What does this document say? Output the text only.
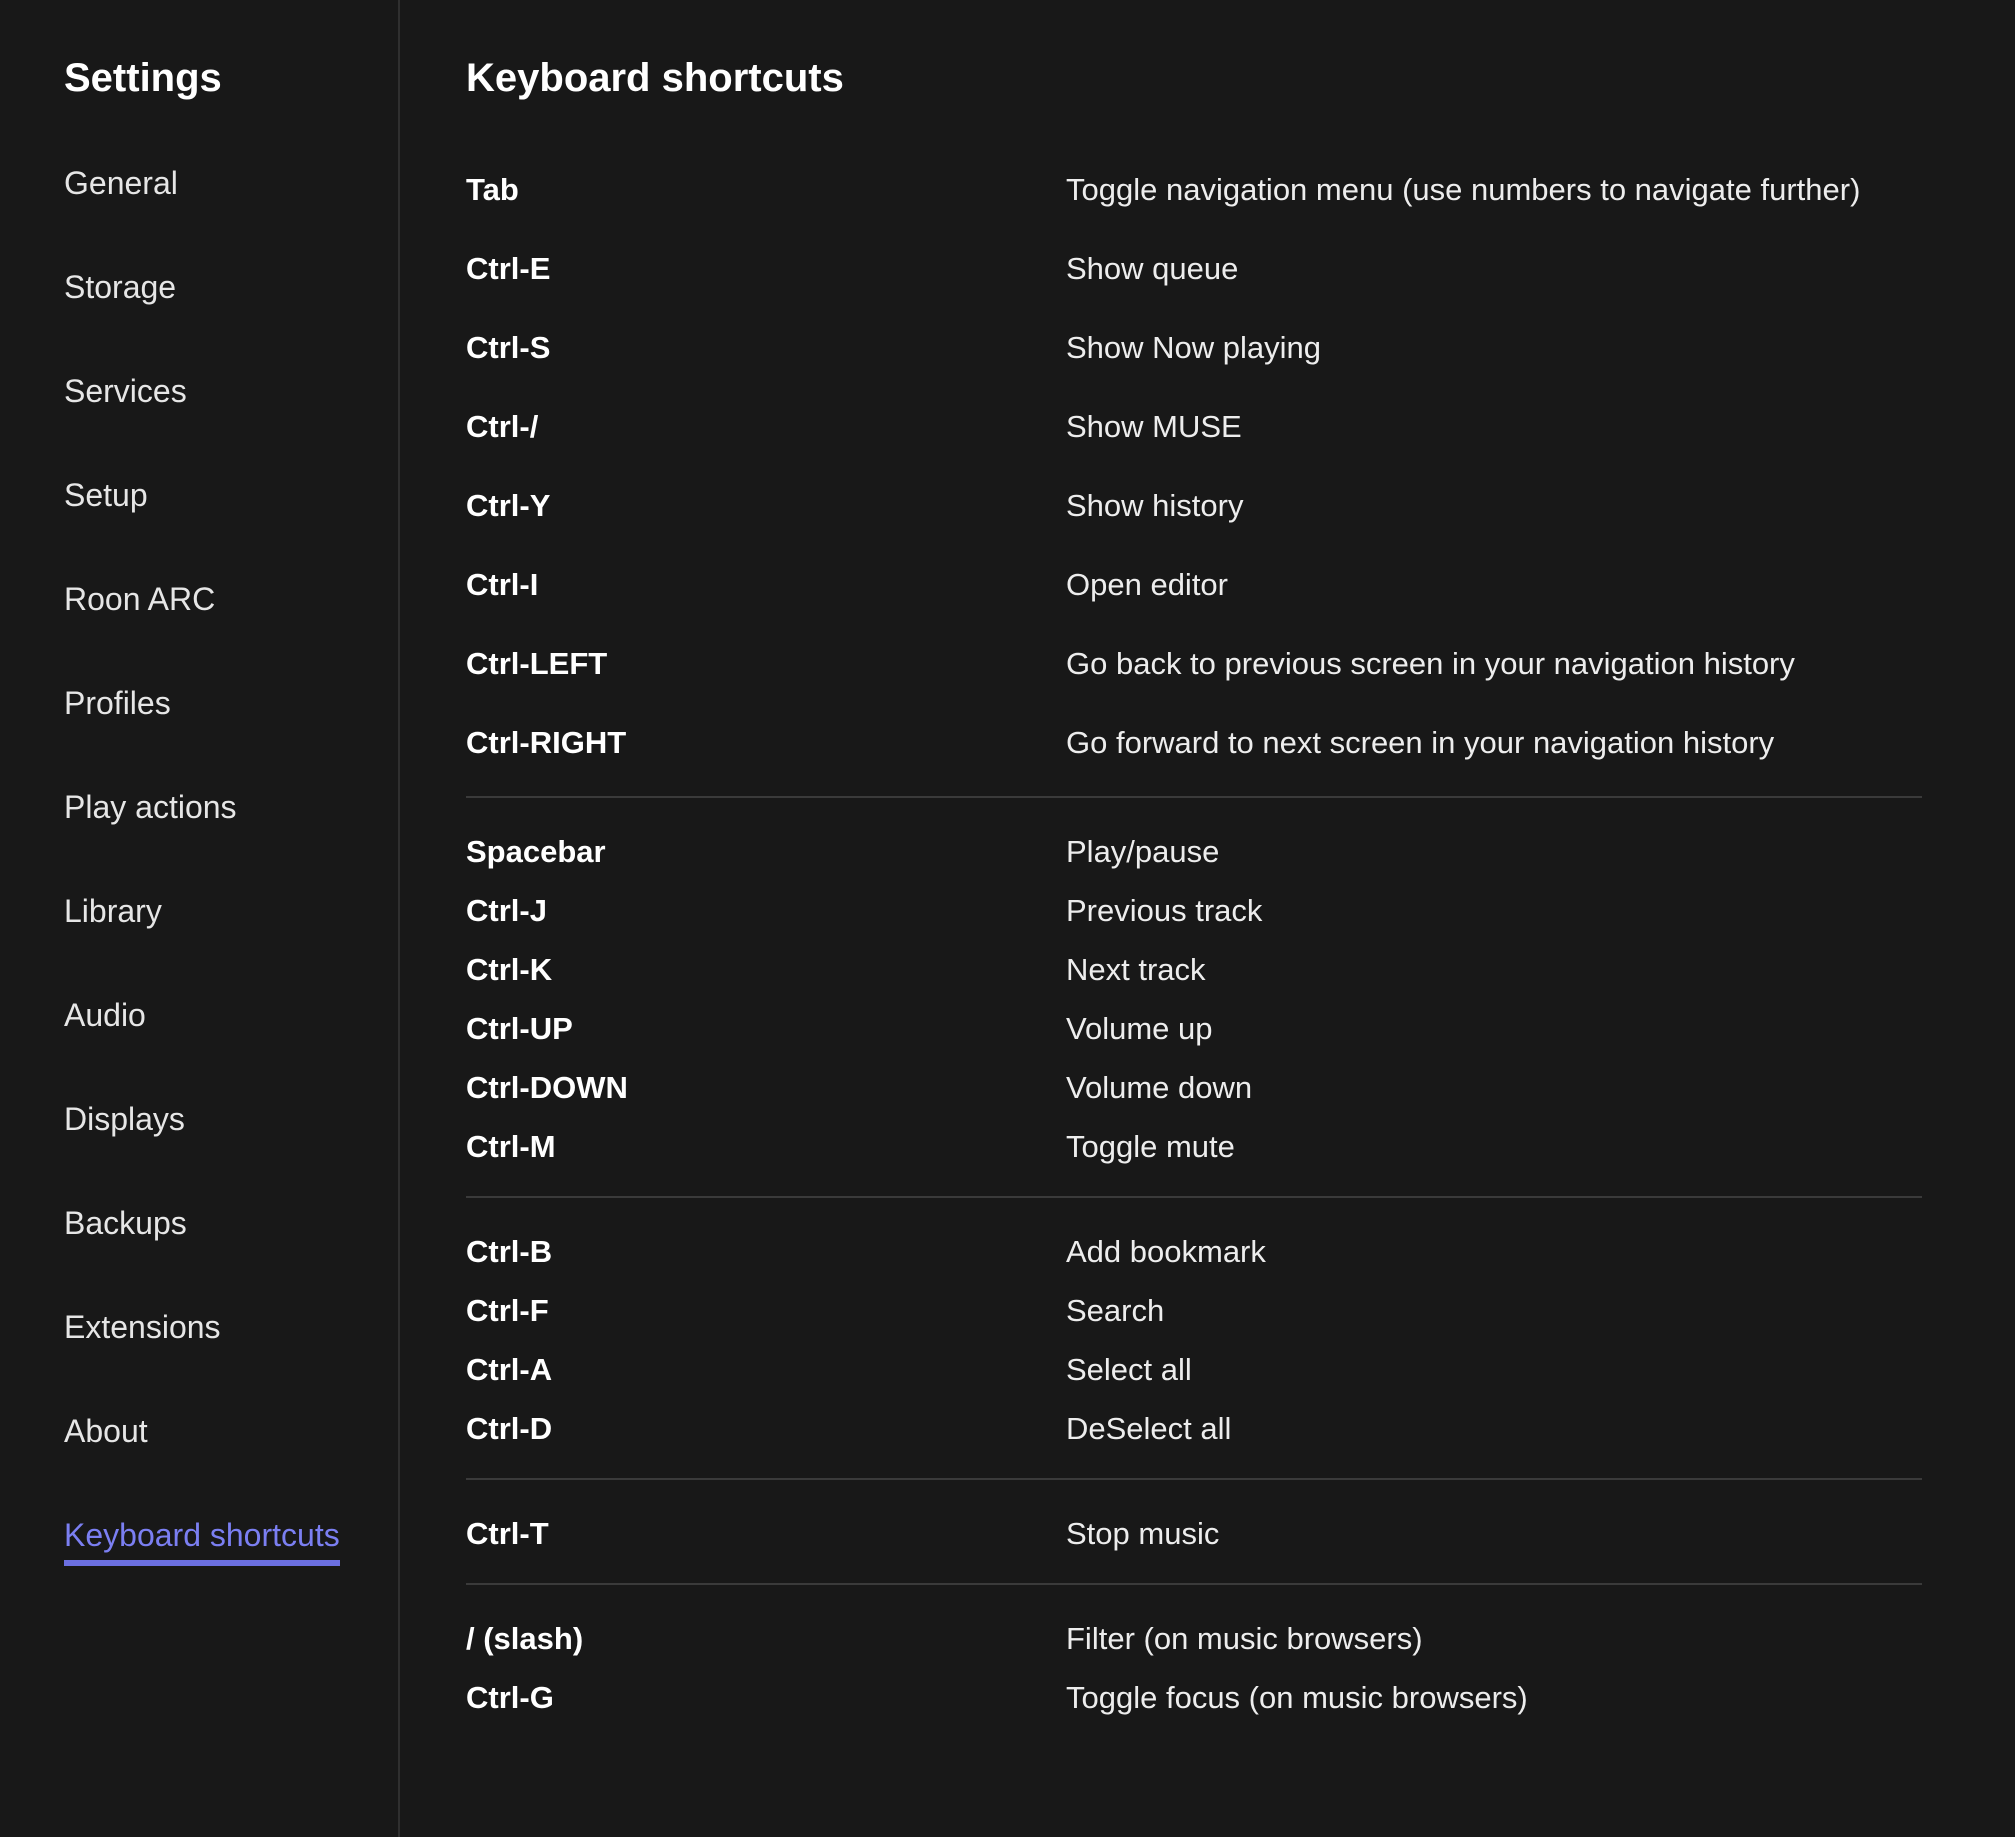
Settings
General
Storage
Services
Setup
Roon ARC
Profiles
Play actions
Library
Audio
Displays
Backups
Extensions
About
Keyboard shortcuts
Keyboard shortcuts
Tab	Toggle navigation menu (use numbers to navigate further)
Ctrl-E	Show queue
Ctrl-S	Show Now playing
Ctrl-/	Show MUSE
Ctrl-Y	Show history
Ctrl-I	Open editor
Ctrl-LEFT	Go back to previous screen in your navigation history
Ctrl-RIGHT	Go forward to next screen in your navigation history
Spacebar	Play/pause
Ctrl-J	Previous track
Ctrl-K	Next track
Ctrl-UP	Volume up
Ctrl-DOWN	Volume down
Ctrl-M	Toggle mute
Ctrl-B	Add bookmark
Ctrl-F	Search
Ctrl-A	Select all
Ctrl-D	DeSelect all
Ctrl-T	Stop music
/ (slash)	Filter (on music browsers)
Ctrl-G	Toggle focus (on music browsers)
